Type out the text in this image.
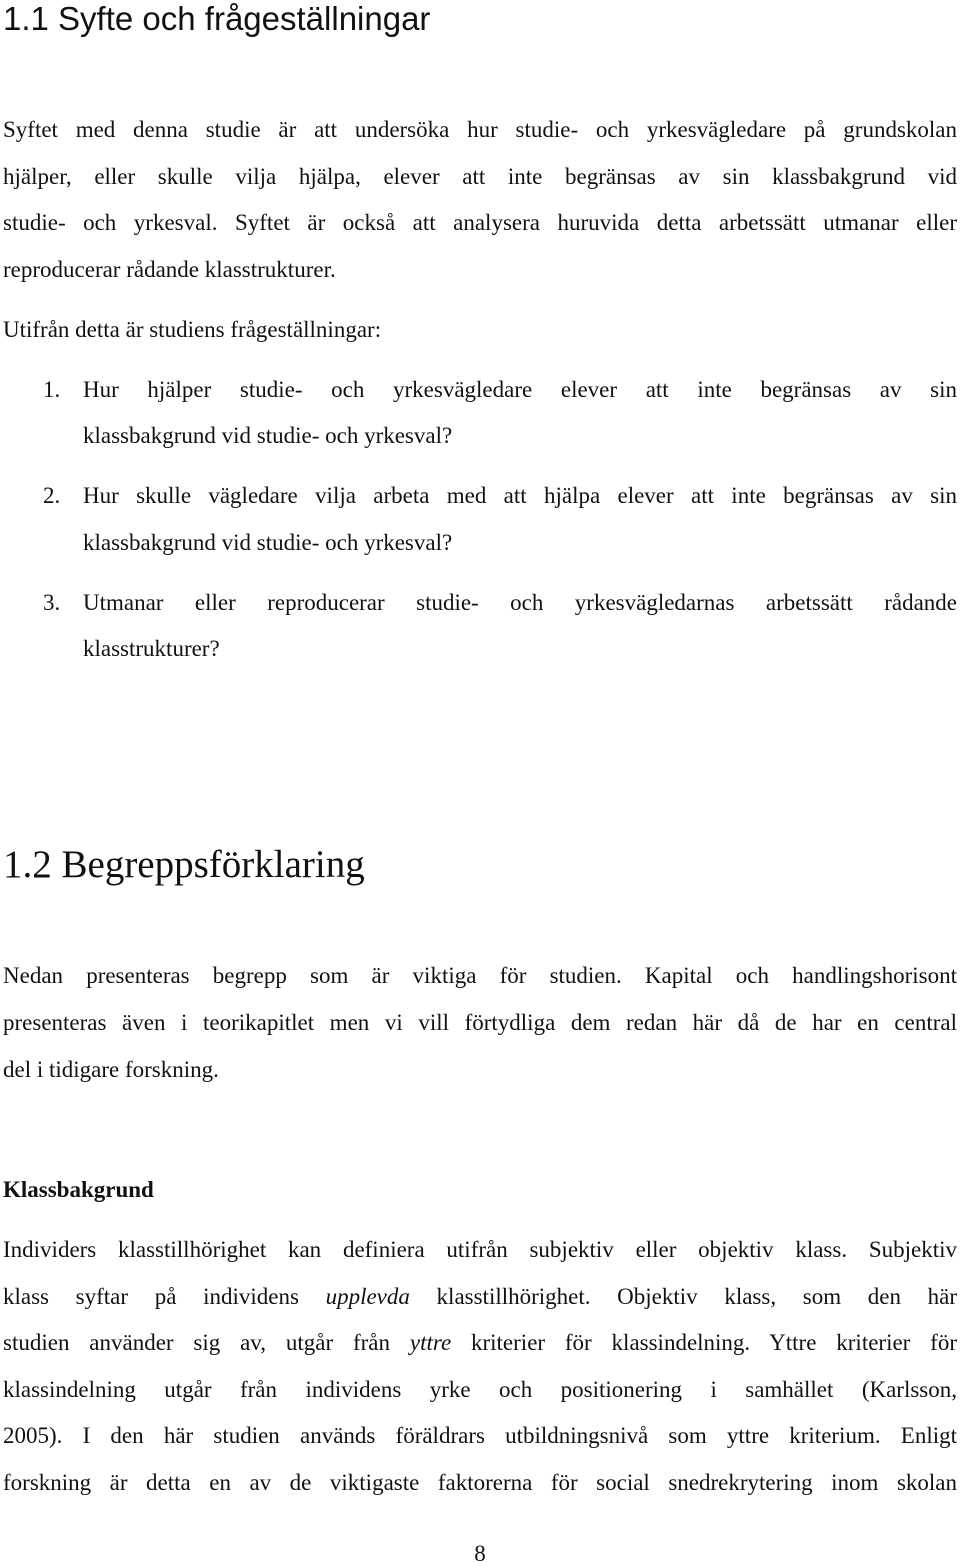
1.1 Syfte och frågeställningar

Syftet med denna studie är att undersöka hur studie- och yrkesvägledare på grundskolan

hjälper, eller skulle vilja hjälpa, elever att inte begränsas av sin klassbakgrund vid

studie- och yrkesval. Syftet är också att analysera huruvida detta arbetssätt utmanar eller

reproducerar rådande klasstrukturer.

Utifrån detta är studiens frågeställningar:

1. Hur hjälper studie- och yrkesvägledare elever att inte begränsas av sin

klassbakgrund vid studie- och yrkesval?

2. Hur skulle vägledare vilja arbeta med att hjälpa elever att inte begränsas av sin

klassbakgrund vid studie- och yrkesval?

3. Utmanar eller reproducerar studie- och yrkesvägledarnas arbetssätt rådande

klasstrukturer?

1.2 Begreppsförklaring

Nedan presenteras begrepp som är viktiga för studien. Kapital och handlingshorisont

presenteras även i teorikapitlet men vi vill förtydliga dem redan här då de har en central

del i tidigare forskning.

Klassbakgrund

Individers klasstillhörighet kan definiera utifrån subjektiv eller objektiv klass. Subjektiv

klass syftar på individens upplevda klasstillhörighet. Objektiv klass, som den här

studien använder sig av, utgår från yttre kriterier för klassindelning. Yttre kriterier för

klassindelning utgår från individens yrke och positionering i samhället (Karlsson,

2005). I den här studien används föräldrars utbildningsnivå som yttre kriterium. Enligt

forskning är detta en av de viktigaste faktorerna för social snedrekrytering inom skolan

8
